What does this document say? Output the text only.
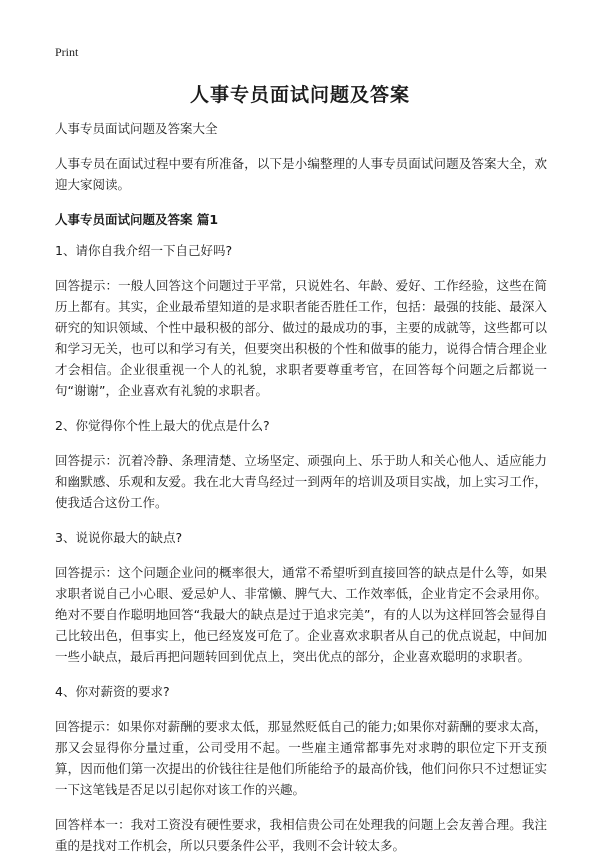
Print
人事专员面试问题及答案

人事专员面试问题及答案大全

人事专员在面试过程中要有所准备，以下是小编整理的人事专员面试问题及答案大全，欢迎大家阅读。

人事专员面试问题及答案 篇1

1、请你自我介绍一下自己好吗?

回答提示：一般人回答这个问题过于平常，只说姓名、年龄、爱好、工作经验，这些在简历上都有。其实，企业最希望知道的是求职者能否胜任工作，包括：最强的技能、最深入研究的知识领域、个性中最积极的部分、做过的最成功的事，主要的成就等，这些都可以和学习无关，也可以和学习有关，但要突出积极的个性和做事的能力，说得合情合理企业才会相信。企业很重视一个人的礼貌，求职者要尊重考官，在回答每个问题之后都说一句“谢谢”，企业喜欢有礼貌的求职者。

2、你觉得你个性上最大的优点是什么?

回答提示：沉着冷静、条理清楚、立场坚定、顽强向上、乐于助人和关心他人、适应能力和幽默感、乐观和友爱。我在北大青鸟经过一到两年的培训及项目实战，加上实习工作，使我适合这份工作。

3、说说你最大的缺点?

回答提示：这个问题企业问的概率很大，通常不希望听到直接回答的缺点是什么等，如果求职者说自己小心眼、爱忌妒人、非常懒、脾气大、工作效率低，企业肯定不会录用你。绝对不要自作聪明地回答“我最大的缺点是过于追求完美”，有的人以为这样回答会显得自己比较出色，但事实上，他已经岌岌可危了。企业喜欢求职者从自己的优点说起，中间加一些小缺点，最后再把问题转回到优点上，突出优点的部分，企业喜欢聪明的求职者。

4、你对薪资的要求?

回答提示：如果你对薪酬的要求太低，那显然贬低自己的能力;如果你对薪酬的要求太高，那又会显得你分量过重，公司受用不起。一些雇主通常都事先对求聘的职位定下开支预算，因而他们第一次提出的价钱往往是他们所能给予的最高价钱，他们问你只不过想证实一下这笔钱是否足以引起你对该工作的兴趣。

回答样本一：我对工资没有硬性要求，我相信贵公司在处理我的问题上会友善合理。我注重的是找对工作机会，所以只要条件公平，我则不会计较太多。
